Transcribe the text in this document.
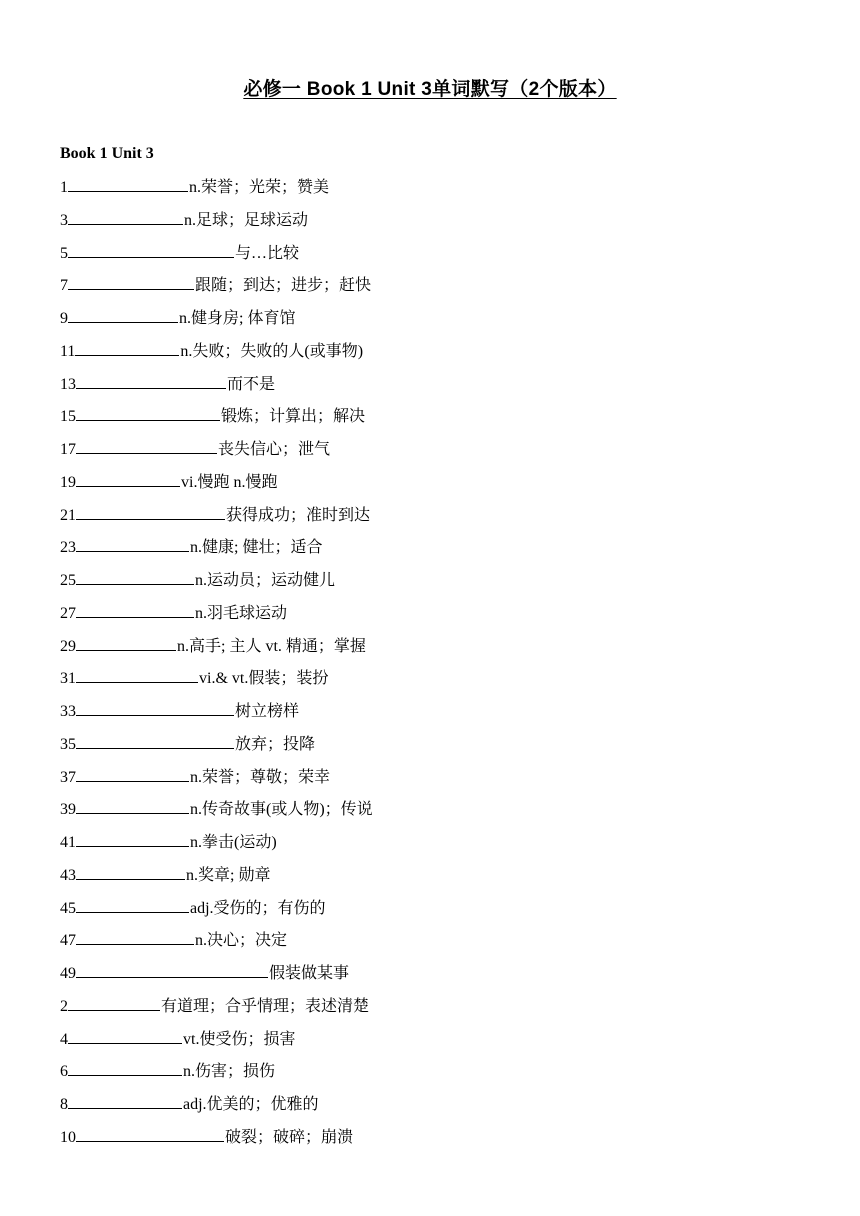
必修一 Book 1 Unit 3单词默写（2个版本）
Book 1 Unit 3
1	n.荣誉；光荣；赞美
3	n.足球；足球运动
5	与…比较
7	跟随；到达；进步；赶快
9	n.健身房; 体育馆
11	n.失败；失败的人(或事物)
13	而不是
15	锻炼；计算出；解决
17	丧失信心；泄气
19	vi.慢跑 n.慢跑
21	获得成功；准时到达
23	n.健康; 健壮；适合
25	n.运动员；运动健儿
27	n.羽毛球运动
29	n.高手; 主人 vt. 精通；掌握
31	vi.& vt.假装；装扮
33	树立榜样
35	放弃；投降
37	n.荣誉；尊敬；荣幸
39	n.传奇故事(或人物)；传说
41	n.拳击(运动)
43	n.奖章; 勋章
45	adj.受伤的；有伤的
47	n.决心；决定
49	假装做某事
2	有道理；合乎情理；表述清楚
4	vt.使受伤；损害
6	n.伤害；损伤
8	adj.优美的；优雅的
10	破裂；破碎；崩溃
